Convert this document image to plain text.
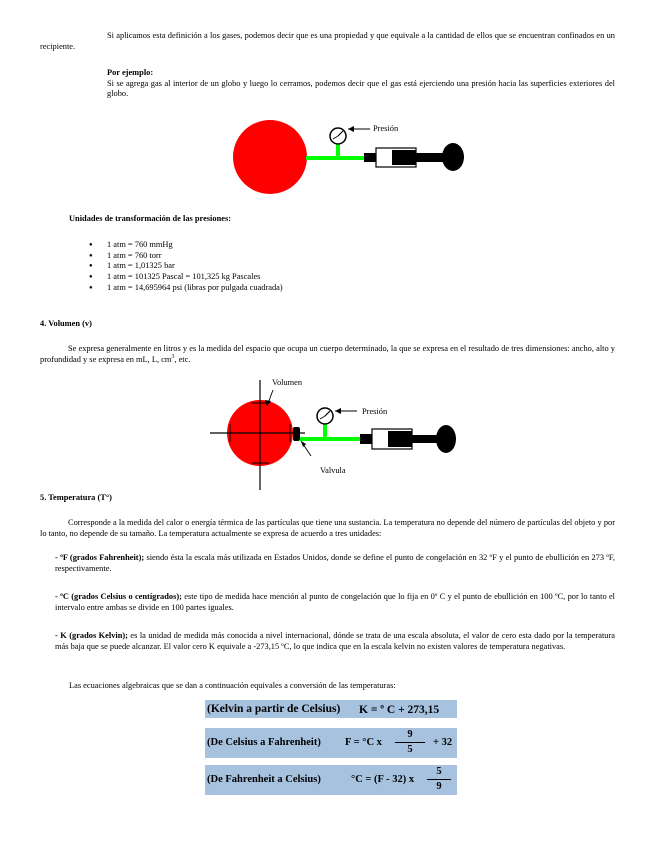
Si aplicamos esta definición a los gases, podemos decir que es una propiedad y que equivale a la cantidad de ellos que se encuentran confinados en un recipiente.
Por ejemplo:
Si se agrega gas al interior de un globo y luego lo cerramos, podemos decir que el gas está ejerciendo una presión hacia las superficies exteriores del globo.
Presión
Unidades de transformación de las presiones:
● 1 atm = 760 mmHg
● 1 atm = 760 torr
● 1 atm = 1,01325 bar
● 1 atm = 101325 Pascal = 101,325 kg Pascales
● 1 atm = 14,695964 psi (libras por pulgada cuadrada)
4. Volumen (v)
Se expresa generalmente en litros y es la medida del espacio que ocupa un cuerpo determinado, la que se expresa en el resultado de tres dimensiones: ancho, alto y profundidad y se expresa en mL, L, $cm^3$, etc.
Volumen
Presión
Valvula
5. Temperatura (T°)
Corresponde a la medida del calor o energía térmica de las partículas que tiene una sustancia. La temperatura no depende del número de partículas del objeto y por lo tanto, no depende de su tamaño. La temperatura actualmente se expresa de acuerdo a tres unidades:
- ºF (grados Fahrenheit); siendo ésta la escala más utilizada en Estados Unidos, donde se define el punto de congelación en 32 ºF y el punto de ebullición en 273 ºF, respectivamente.
- ºC (grados Celsius o centígrados); este tipo de medida hace mención al punto de congelación que lo fija en 0º C y el punto de ebullición en 100 ºC, por lo tanto el intervalo entre ambas se divide en 100 partes iguales.
- K (grados Kelvin); es la unidad de medida más conocida a nivel internacional, dónde se trata de una escala absoluta, el valor de cero esta dado por la temperatura más baja que se puede alcanzar. El valor cero K equivale a -273,15 ºC, lo que indica que en la escala kelvin no existen valores de temperatura negativas.
Las ecuaciones algebraicas que se dan a continuación equivales a conversión de las temperaturas:
(Kelvin a partir de Celsius) K = º C + 273,15
(De Celsius a Fahrenheit) F = °C x
9
5
+ 32
(De Fahrenheit a Celsius)	°C = (F - 32) x
5
9
